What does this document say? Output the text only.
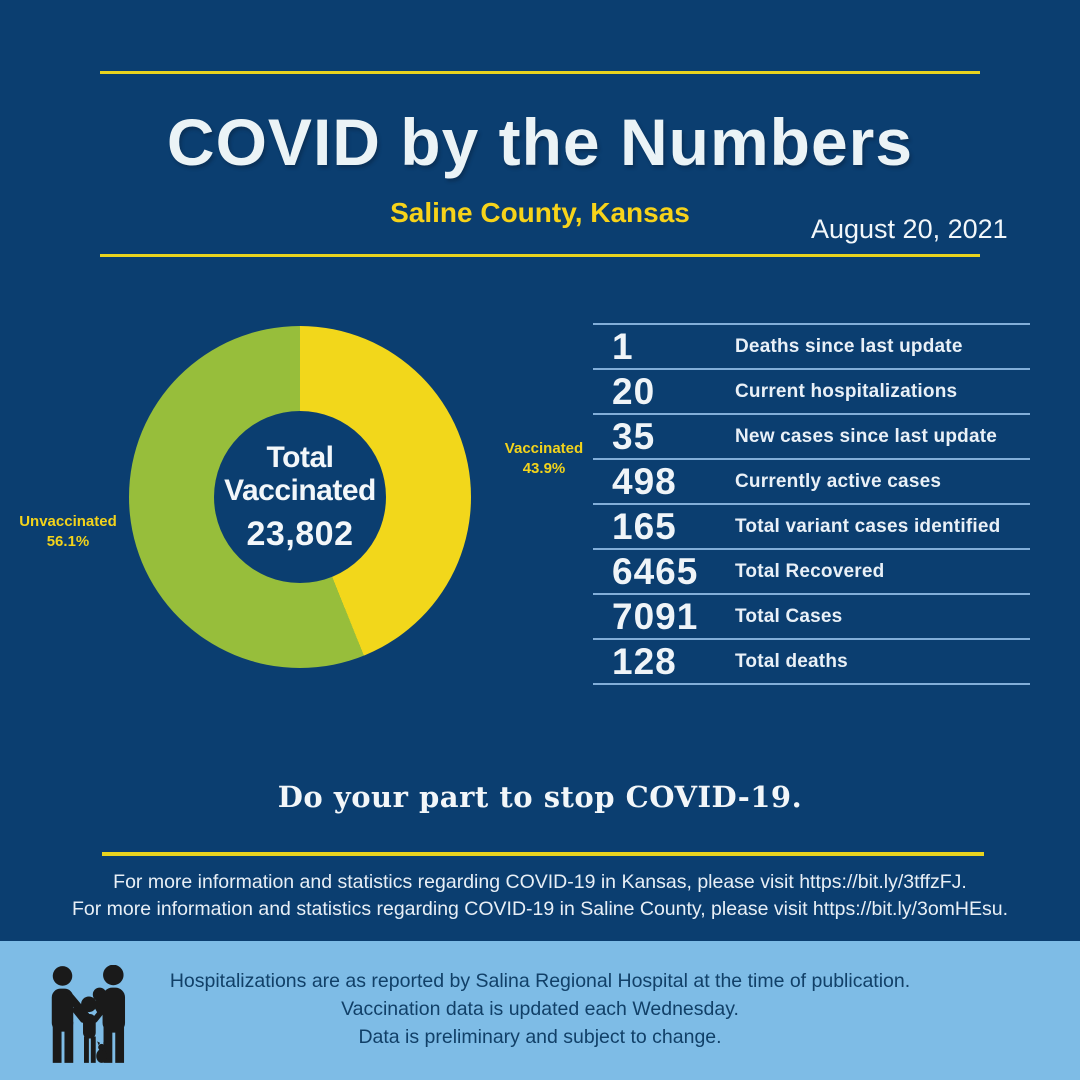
COVID by the Numbers
Saline County, Kansas
August 20, 2021
Total
Vaccinated
23,802
Vaccinated
43.9%
Unvaccinated
56.1%
1	Deaths since last update
20	Current hospitalizations
35	New cases since last update
498	Currently active cases
165	Total variant cases identified
6465	Total Recovered
7091	Total Cases
128	Total deaths
Do your part to stop COVID-19.
For more information and statistics regarding COVID-19 in Kansas, please visit https://bit.ly/3tffzFJ.
For more information and statistics regarding COVID-19 in Saline County, please visit https://bit.ly/3omHEsu.
Hospitalizations are as reported by Salina Regional Hospital at the time of publication.
Vaccination data is updated each Wednesday.
Data is preliminary and subject to change.
